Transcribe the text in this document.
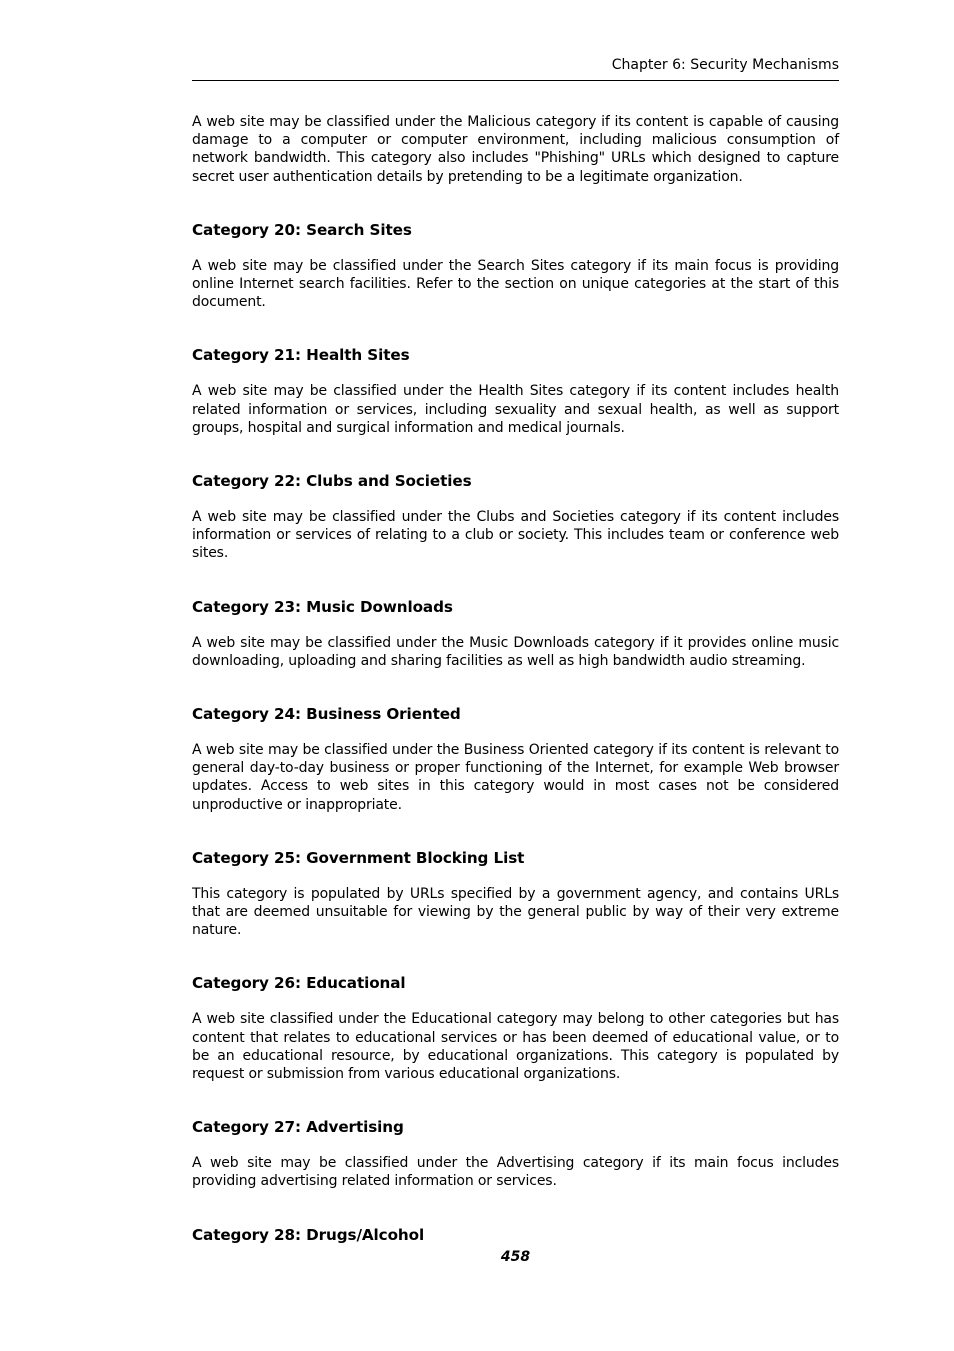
Chapter 6: Security Mechanisms

A web site may be classified under the Malicious category if its content is capable of causing damage to a computer or computer environment, including malicious consumption of network bandwidth. This category also includes "Phishing" URLs which designed to capture secret user authentication details by pretending to be a legitimate organization.

Category 20: Search Sites

A web site may be classified under the Search Sites category if its main focus is providing online Internet search facilities. Refer to the section on unique categories at the start of this document.

Category 21: Health Sites

A web site may be classified under the Health Sites category if its content includes health related information or services, including sexuality and sexual health, as well as support groups, hospital and surgical information and medical journals.

Category 22: Clubs and Societies

A web site may be classified under the Clubs and Societies category if its content includes information or services of relating to a club or society. This includes team or conference web sites.

Category 23: Music Downloads

A web site may be classified under the Music Downloads category if it provides online music downloading, uploading and sharing facilities as well as high bandwidth audio streaming.

Category 24: Business Oriented

A web site may be classified under the Business Oriented category if its content is relevant to general day-to-day business or proper functioning of the Internet, for example Web browser updates. Access to web sites in this category would in most cases not be considered unproductive or inappropriate.

Category 25: Government Blocking List

This category is populated by URLs specified by a government agency, and contains URLs that are deemed unsuitable for viewing by the general public by way of their very extreme nature.

Category 26: Educational

A web site classified under the Educational category may belong to other categories but has content that relates to educational services or has been deemed of educational value, or to be an educational resource, by educational organizations. This category is populated by request or submission from various educational organizations.

Category 27: Advertising

A web site may be classified under the Advertising category if its main focus includes providing advertising related information or services.

Category 28: Drugs/Alcohol
458
